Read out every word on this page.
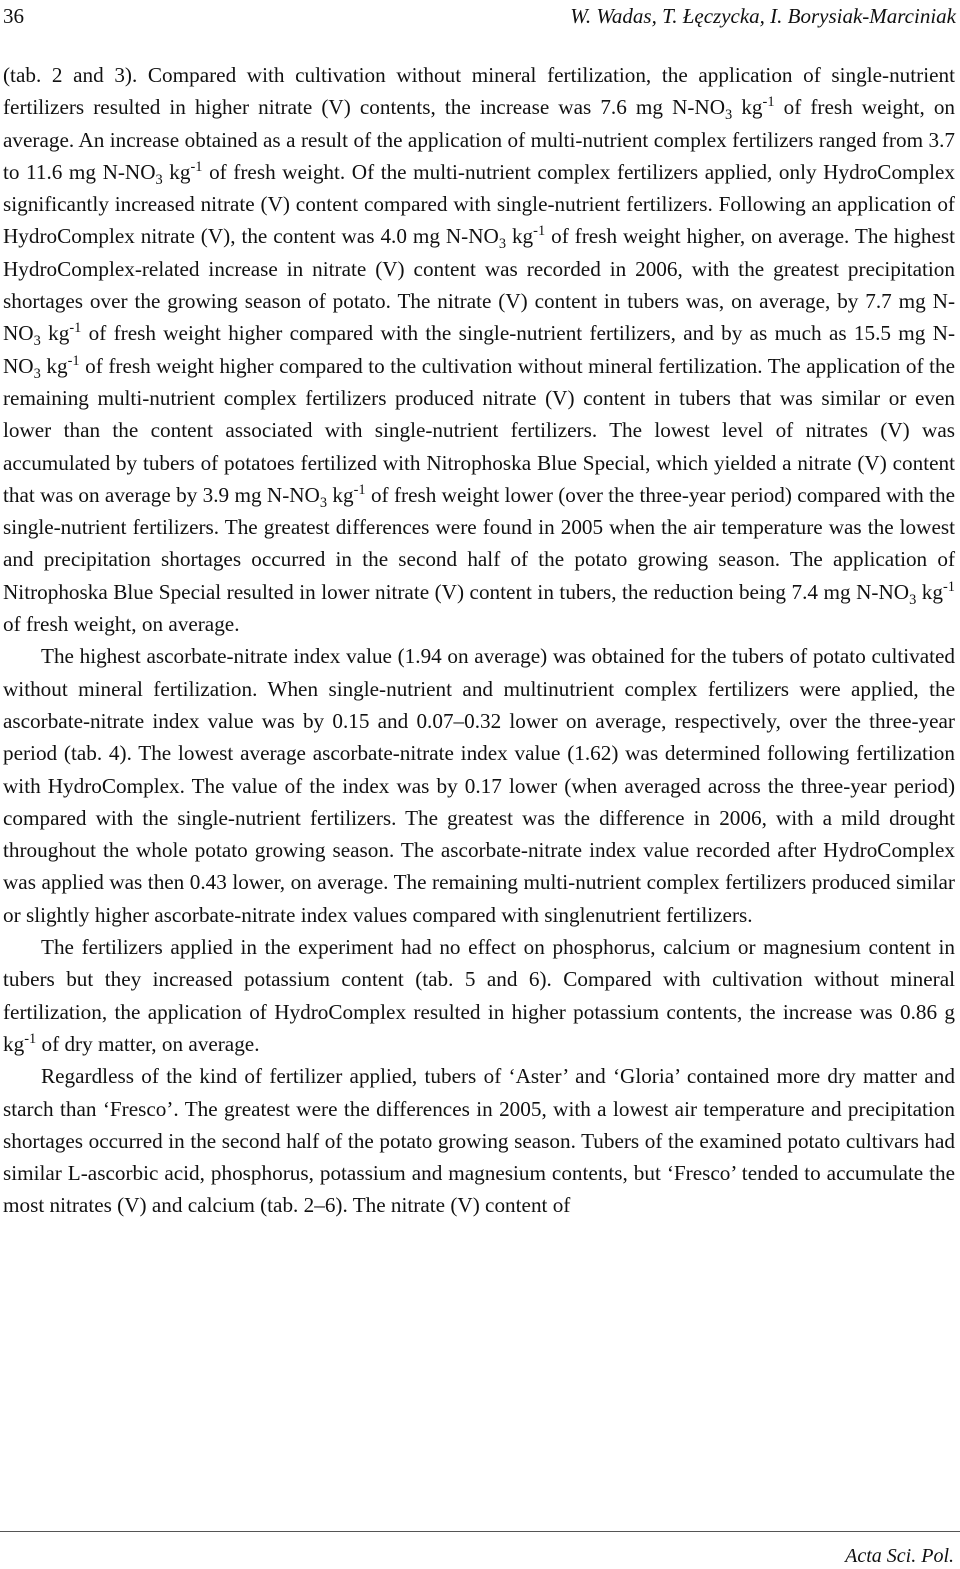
36	W. Wadas, T. Łęczycka, I. Borysiak-Marciniak

(tab. 2 and 3). Compared with cultivation without mineral fertilization, the application of single-nutrient fertilizers resulted in higher nitrate (V) contents, the increase was 7.6 mg $N-NO_3$ $kg^{-1}$ of fresh weight, on average. An increase obtained as a result of the application of multi-nutrient complex fertilizers ranged from 3.7 to 11.6 mg $N-NO_3$ $kg^{-1}$ of fresh weight. Of the multi-nutrient complex fertilizers applied, only HydroComplex significantly increased nitrate (V) content compared with single-nutrient fertilizers. Following an application of HydroComplex nitrate (V), the content was 4.0 mg $N-NO_3$ $kg^{-1}$ of fresh weight higher, on average. The highest HydroComplex-related increase in nitrate (V) content was recorded in 2006, with the greatest precipitation shortages over the growing season of potato. The nitrate (V) content in tubers was, on average, by 7.7 mg $N-NO_3$ $kg^{-1}$ of fresh weight higher compared with the single-nutrient fertilizers, and by as much as 15.5 mg $N-NO_3$ $kg^{-1}$ of fresh weight higher compared to the cultivation without mineral fertilization. The application of the remaining multi-nutrient complex fertilizers produced nitrate (V) content in tubers that was similar or even lower than the content associated with single-nutrient fertilizers. The lowest level of nitrates (V) was accumulated by tubers of potatoes fertilized with Nitrophoska Blue Special, which yielded a nitrate (V) content that was on average by 3.9 mg $N-NO_3$ $kg^{-1}$ of fresh weight lower (over the three-year period) compared with the single-nutrient fertilizers. The greatest differences were found in 2005 when the air temperature was the lowest and precipitation shortages occurred in the second half of the potato growing season. The application of Nitrophoska Blue Special resulted in lower nitrate (V) content in tubers, the reduction being 7.4 mg $N-NO_3$ $kg^{-1}$ of fresh weight, on average.

The highest ascorbate-nitrate index value (1.94 on average) was obtained for the tubers of potato cultivated without mineral fertilization. When single-nutrient and multinutrient complex fertilizers were applied, the ascorbate-nitrate index value was by 0.15 and 0.07–0.32 lower on average, respectively, over the three-year period (tab. 4). The lowest average ascorbate-nitrate index value (1.62) was determined following fertilization with HydroComplex. The value of the index was by 0.17 lower (when averaged across the three-year period) compared with the single-nutrient fertilizers. The greatest was the difference in 2006, with a mild drought throughout the whole potato growing season. The ascorbate-nitrate index value recorded after HydroComplex was applied was then 0.43 lower, on average. The remaining multi-nutrient complex fertilizers produced similar or slightly higher ascorbate-nitrate index values compared with singlenutrient fertilizers.

The fertilizers applied in the experiment had no effect on phosphorus, calcium or magnesium content in tubers but they increased potassium content (tab. 5 and 6). Compared with cultivation without mineral fertilization, the application of HydroComplex resulted in higher potassium contents, the increase was 0.86 g $kg^{-1}$ of dry matter, on average.

Regardless of the kind of fertilizer applied, tubers of ‘Aster’ and ‘Gloria’ contained more dry matter and starch than ‘Fresco’. The greatest were the differences in 2005, with a lowest air temperature and precipitation shortages occurred in the second half of the potato growing season. Tubers of the examined potato cultivars had similar L-ascorbic acid, phosphorus, potassium and magnesium contents, but ‘Fresco’ tended to accumulate the most nitrates (V) and calcium (tab. 2–6). The nitrate (V) content of

Acta Sci. Pol.
